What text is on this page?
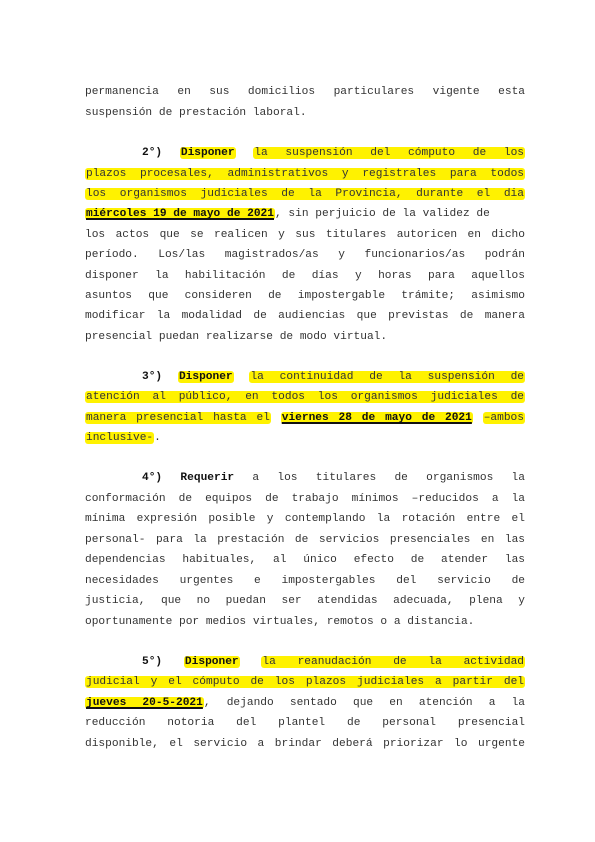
permanencia en sus domicilios particulares vigente esta
suspensión de prestación laboral.
2°) Disponer la suspensión del cómputo de los
plazos procesales, administrativos y registrales para todos
los organismos judiciales de la Provincia, durante el dia
miércoles 19 de mayo de 2021, sin perjuicio de la validez de
los actos que se realicen y sus titulares autoricen en dicho
período. Los/las magistrados/as y funcionarios/as podrán
disponer la habilitación de días y horas para aquellos
asuntos que consideren de impostergable trámite; asimismo
modificar la modalidad de audiencias que previstas de manera
presencial puedan realizarse de modo virtual.
3°) Disponer la continuidad de la suspensión de
atención al público, en todos los organismos judiciales de
manera presencial hasta el viernes 28 de mayo de 2021 –ambos
inclusive-.
4°) Requerir a los titulares de organismos la
conformación de equipos de trabajo mínimos –reducidos a la
mínima expresión posible y contemplando la rotación entre el
personal- para la prestación de servicios presenciales en las
dependencias habituales, al único efecto de atender las
necesidades urgentes e impostergables del servicio de
justicia, que no puedan ser atendidas adecuada, plena y
oportunamente por medios virtuales, remotos o a distancia.
5°) Disponer la reanudación de la actividad
judicial y el cómputo de los plazos judiciales a partir del
jueves 20-5-2021, dejando sentado que en atención a la
reducción notoria del plantel de personal presencial
disponible, el servicio a brindar deberá priorizar lo urgente
